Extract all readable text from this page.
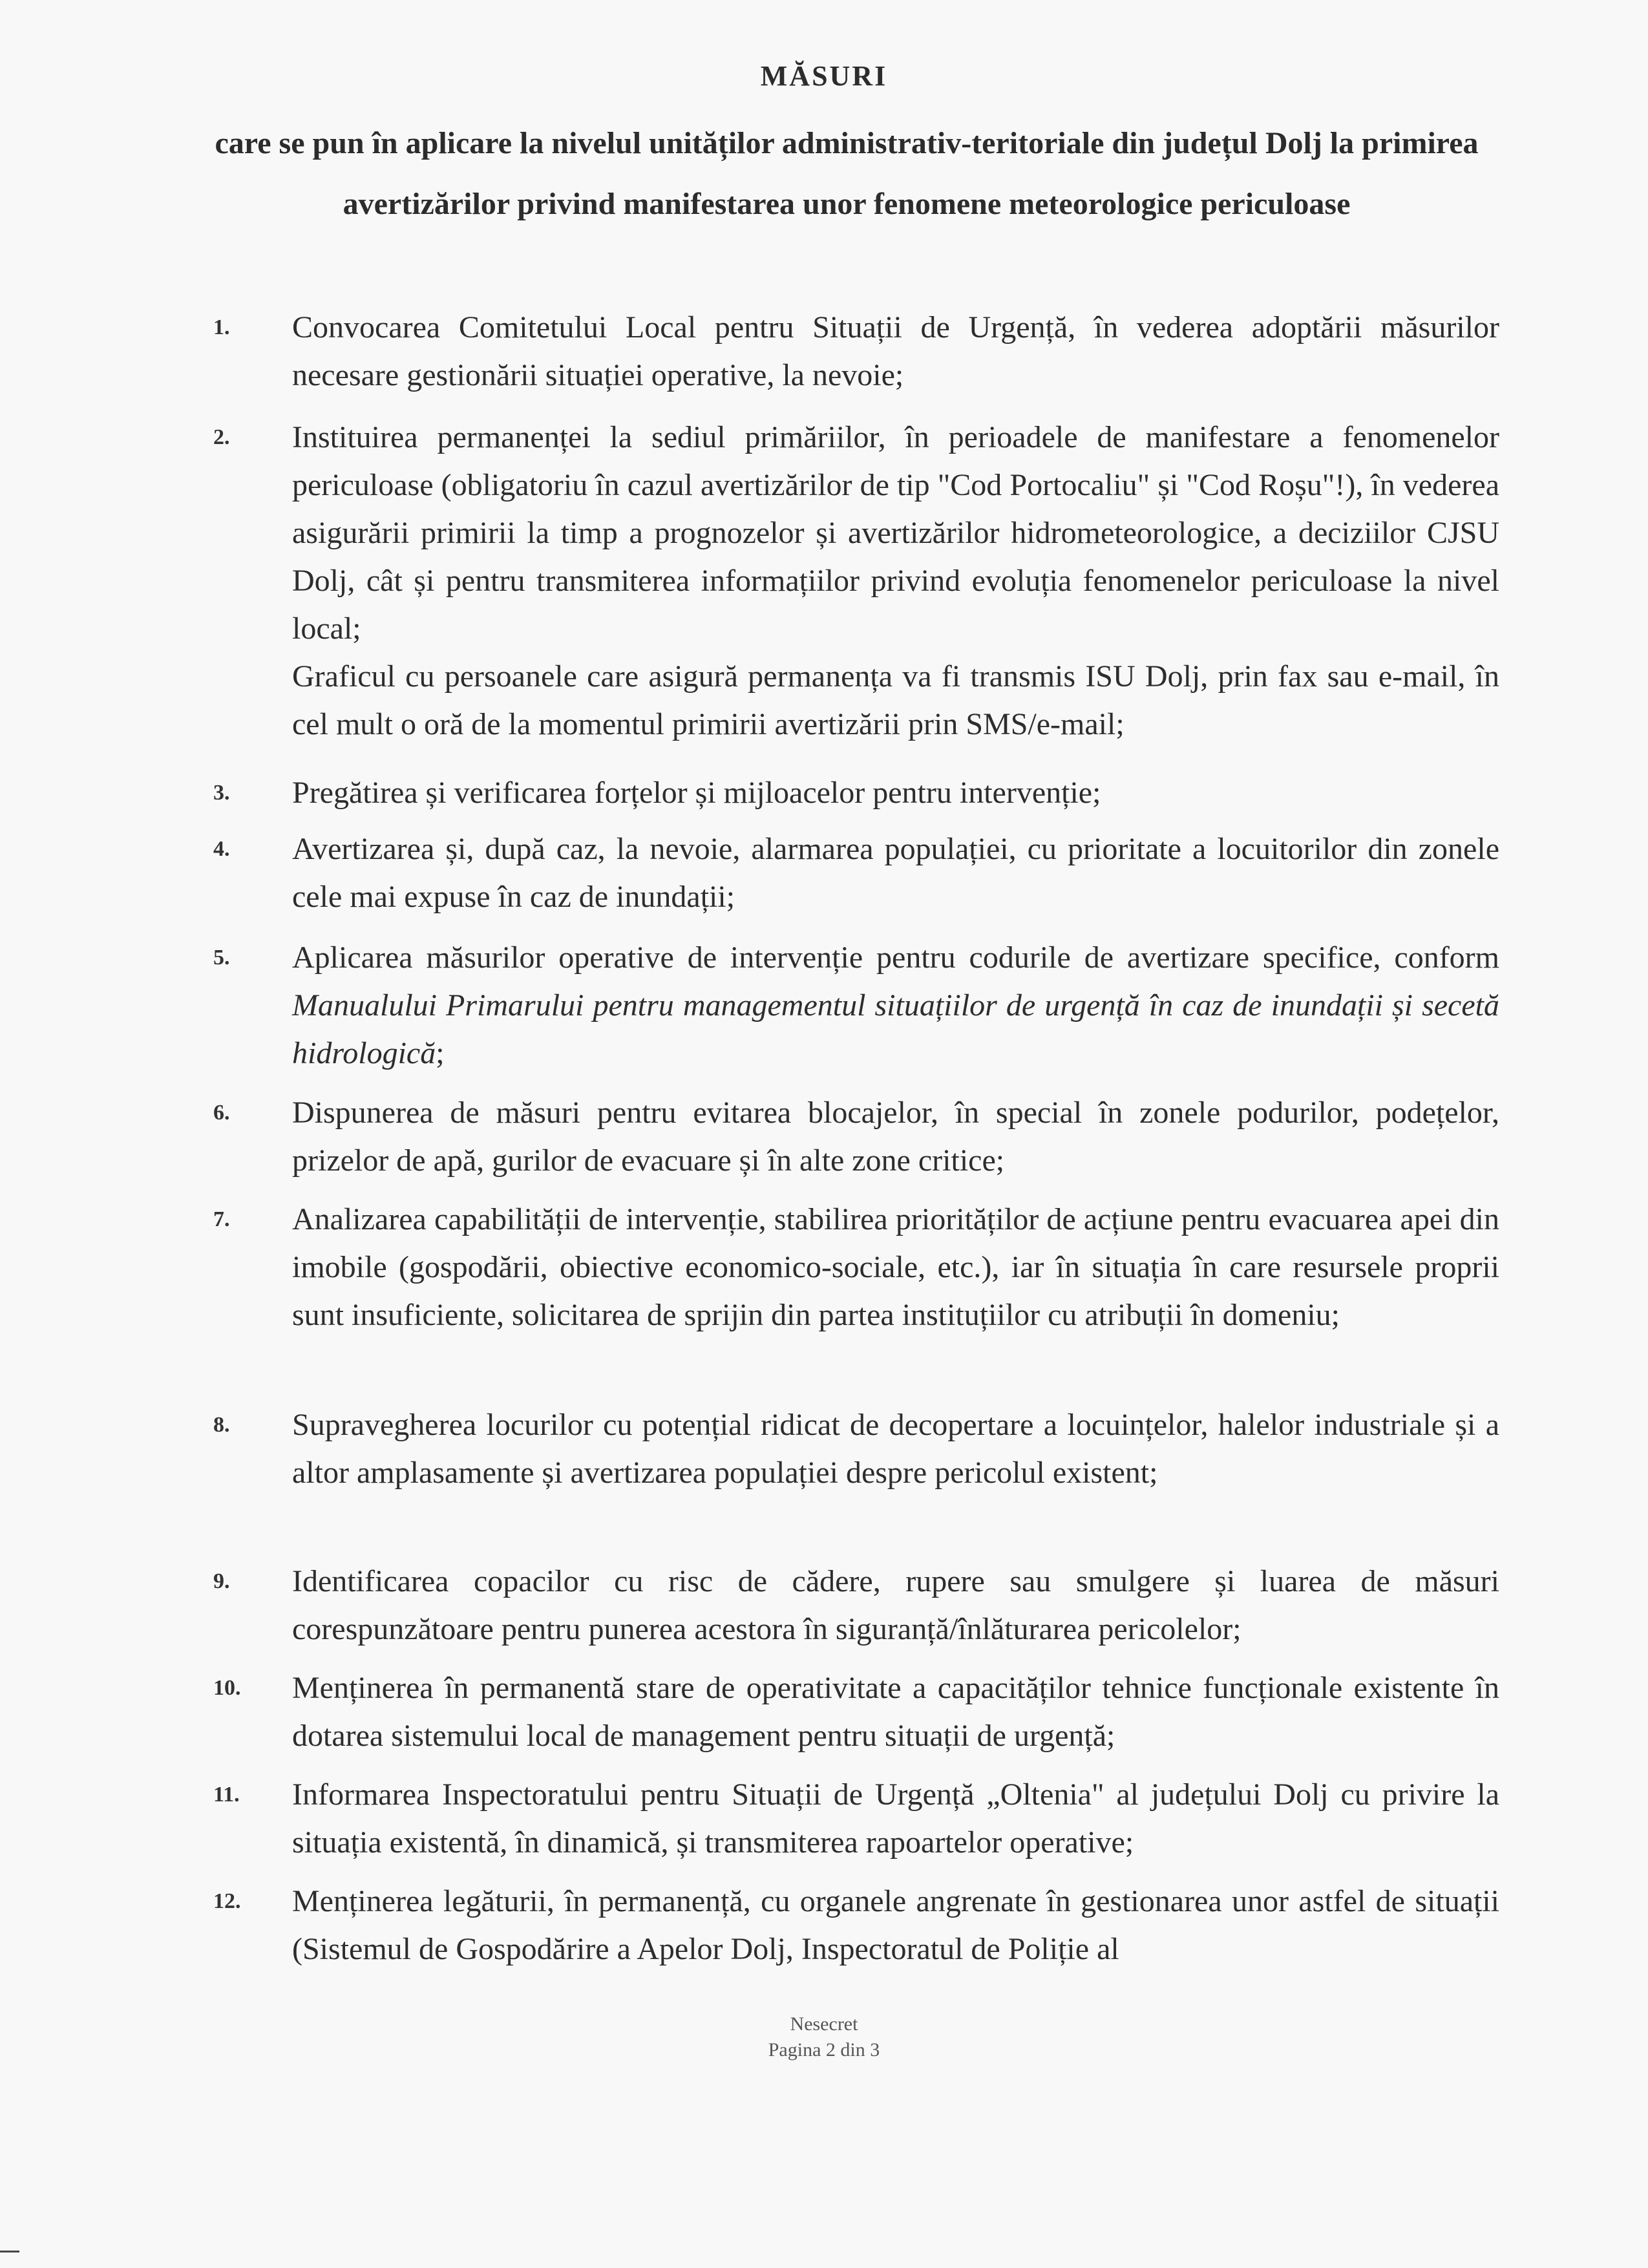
MĂSURI
care se pun în aplicare la nivelul unităților administrativ-teritoriale din județul Dolj la primirea avertizărilor privind manifestarea unor fenomene meteorologice periculoase
1.	Convocarea Comitetului Local pentru Situații de Urgență, în vederea adoptării măsurilor necesare gestionării situației operative, la nevoie;
2.	Instituirea permanenței la sediul primăriilor, în perioadele de manifestare a fenomenelor periculoase (obligatoriu în cazul avertizărilor de tip "Cod Portocaliu" și "Cod Roșu"!), în vederea asigurării primirii la timp a prognozelor și avertizărilor hidrometeorologice, a deciziilor CJSU Dolj, cât și pentru transmiterea informațiilor privind evoluția fenomenelor periculoase la nivel local;

Graficul cu persoanele care asigură permanența va fi transmis ISU Dolj, prin fax sau e-mail, în cel mult o oră de la momentul primirii avertizării prin SMS/e-mail;

3.	Pregătirea și verificarea forțelor și mijloacelor pentru intervenție;
4.	Avertizarea și, după caz, la nevoie, alarmarea populației, cu prioritate a locuitorilor din zonele cele mai expuse în caz de inundații;
5.	Aplicarea măsurilor operative de intervenție pentru codurile de avertizare specifice, conform Manualului Primarului pentru managementul situațiilor de urgență în caz de inundații și secetă hidrologică;
6.	Dispunerea de măsuri pentru evitarea blocajelor, în special în zonele podurilor, podețelor, prizelor de apă, gurilor de evacuare și în alte zone critice;
7.	Analizarea capabilității de intervenție, stabilirea priorităților de acțiune pentru evacuarea apei din imobile (gospodării, obiective economico-sociale, etc.), iar în situația în care resursele proprii sunt insuficiente, solicitarea de sprijin din partea instituțiilor cu atribuții în domeniu;
8.	Supravegherea locurilor cu potențial ridicat de decopertare a locuințelor, halelor industriale și a altor amplasamente și avertizarea populației despre pericolul existent;
9.	Identificarea copacilor cu risc de cădere, rupere sau smulgere și luarea de măsuri corespunzătoare pentru punerea acestora în siguranță/înlăturarea pericolelor;
10.	Menținerea în permanentă stare de operativitate a capacităților tehnice funcționale existente în dotarea sistemului local de management pentru situații de urgență;
11.	Informarea Inspectoratului pentru Situații de Urgență „Oltenia" al județului Dolj cu privire la situația existentă, în dinamică, și transmiterea rapoartelor operative;
12.	Menținerea legăturii, în permanență, cu organele angrenate în gestionarea unor astfel de situații (Sistemul de Gospodărire a Apelor Dolj, Inspectoratul de Poliție al
Nesecret
Pagina 2 din 3
